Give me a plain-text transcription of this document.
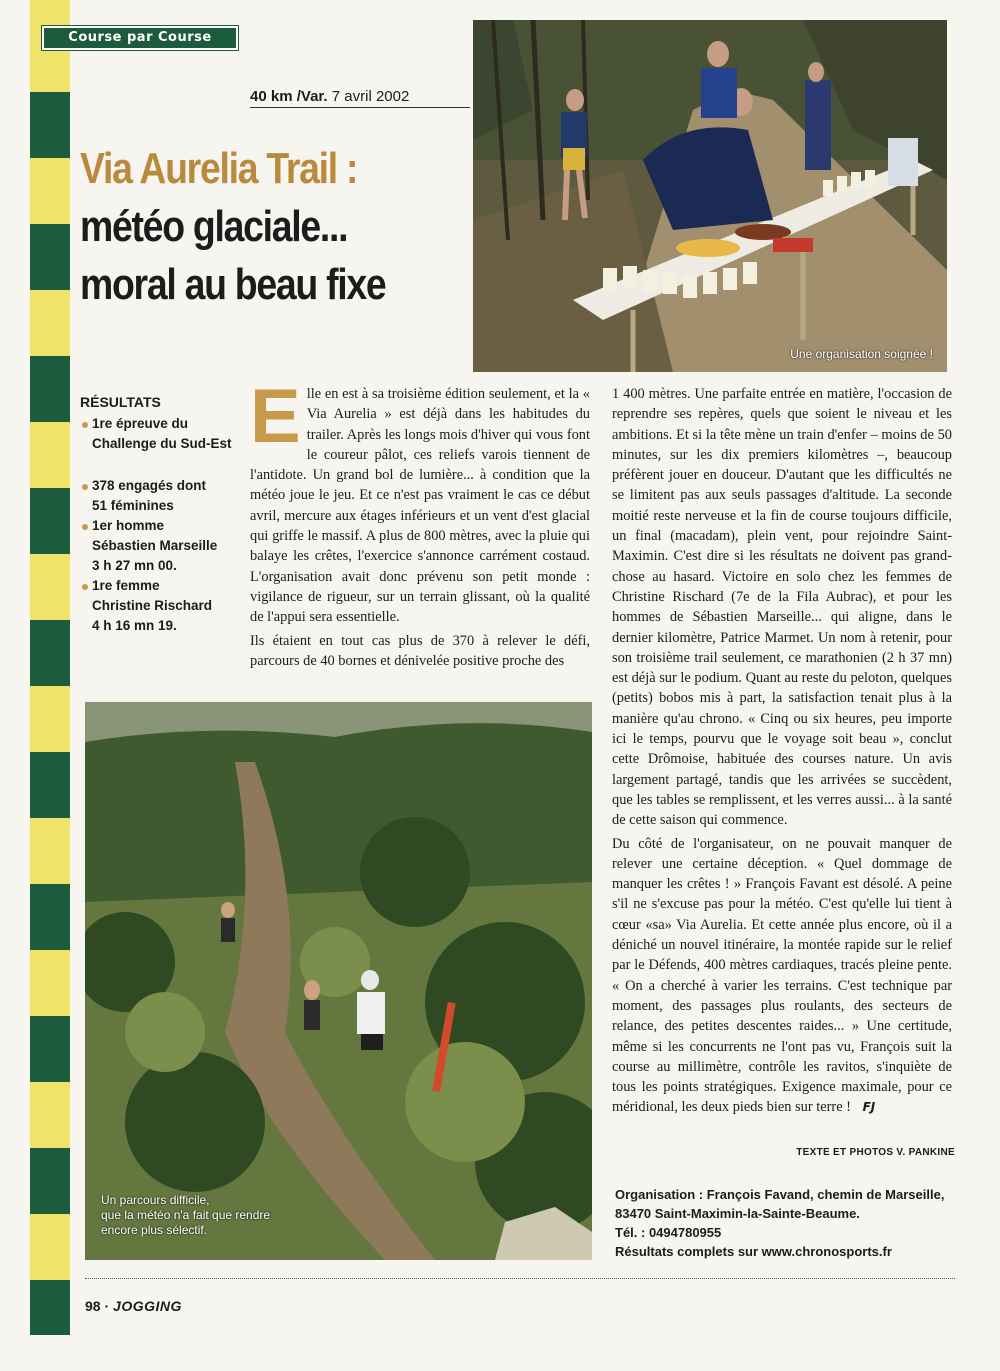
Course par Course
40 km /Var. 7 avril 2002
Via Aurelia Trail :
météo glaciale...
moral au beau fixe
Une organisation soignée !
RÉSULTATS
1re épreuve du
Challenge du Sud-Est
378 engagés dont
51 féminines
1er homme
Sébastien Marseille
3 h 27 mn 00.
1re femme
Christine Rischard
4 h 16 mn 19.

Elle en est à sa troisième édition seulement, et la « Via Aurelia » est déjà dans les habitudes du trailer. Après les longs mois d'hiver qui vous font le coureur pâlot, ces reliefs varois tiennent de l'antidote. Un grand bol de lumière... à condition que la météo joue le jeu. Et ce n'est pas vraiment le cas ce début avril, mercure aux étages inférieurs et un vent d'est glacial qui griffe le massif. A plus de 800 mètres, avec la pluie qui balaye les crêtes, l'exercice s'annonce carrément costaud. L'organisation avait donc prévenu son petit monde : vigilance de rigueur, sur un terrain glissant, où la qualité de l'appui sera essentielle.

Ils étaient en tout cas plus de 370 à relever le défi, parcours de 40 bornes et dénivelée positive proche des

Un parcours difficile,
que la météo n'a fait que rendre
encore plus sélectif.

1 400 mètres. Une parfaite entrée en matière, l'occasion de reprendre ses repères, quels que soient le niveau et les ambitions. Et si la tête mène un train d'enfer – moins de 50 minutes, sur les dix premiers kilomètres –, beaucoup préfèrent jouer en douceur. D'autant que les difficultés ne se limitent pas aux seuls passages d'altitude. La seconde moitié reste nerveuse et la fin de course toujours difficile, un final (macadam), plein vent, pour rejoindre Saint-Maximin. C'est dire si les résultats ne doivent pas grand-chose au hasard. Victoire en solo chez les femmes de Christine Rischard (7e de la Fila Aubrac), et pour les hommes de Sébastien Marseille... qui aligne, dans le dernier kilomètre, Patrice Marmet. Un nom à retenir, pour son troisième trail seulement, ce marathonien (2 h 37 mn) est déjà sur le podium. Quant au reste du peloton, quelques (petits) bobos mis à part, la satisfaction tenait plus à la manière qu'au chrono. « Cinq ou six heures, peu importe ici le temps, pourvu que le voyage soit beau », conclut cette Drômoise, habituée des courses nature. Un avis largement partagé, tandis que les arrivées se succèdent, que les tables se remplissent, et les verres aussi... à la santé de cette saison qui commence.

Du côté de l'organisateur, on ne pouvait manquer de relever une certaine déception. « Quel dommage de manquer les crêtes ! » François Favant est désolé. A peine s'il ne s'excuse pas pour la météo. C'est qu'elle lui tient à cœur «sa» Via Aurelia. Et cette année plus encore, où il a déniché un nouvel itinéraire, la montée rapide sur le relief par le Défends, 400 mètres cardiaques, tracés pleine pente. « On a cherché à varier les terrains. C'est technique par moment, des passages plus roulants, des secteurs de relance, des petites descentes raides... » Une certitude, même si les concurrents ne l'ont pas vu, François suit la course au millimètre, contrôle les ravitos, s'inquiète de tous les points stratégiques. Exigence maximale, pour ce méridional, les deux pieds bien sur terre ! FJ

TEXTE ET PHOTOS V. PANKINE
Organisation : François Favand, chemin de Marseille,
83470 Saint-Maximin-la-Sainte-Beaume.
Tél. : 0494780955
Résultats complets sur www.chronosports.fr
98 · JOGGING
